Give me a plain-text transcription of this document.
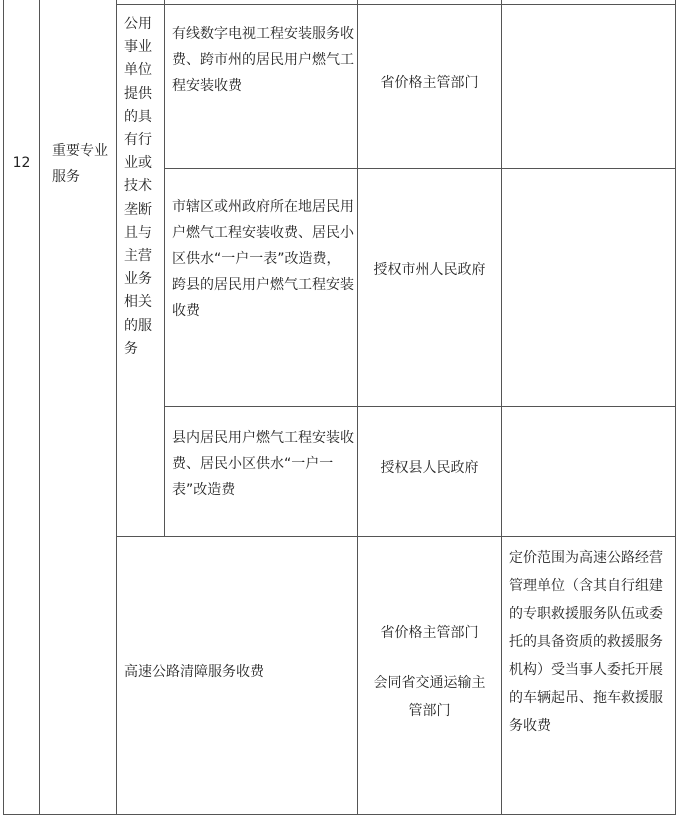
12
重要专业服务
公用事业单位提供的具有行业或技术垄断且与主营业务相关的服务
有线数字电视工程安装服务收费、跨市州的居民用户燃气工程安装收费	省价格主管部门
市辖区或州政府所在地居民用户燃气工程安装收费、居民小区供水“一户一表”改造费，跨县的居民用户燃气工程安装收费
授权市州人民政府
县内居民用户燃气工程安装收费、居民小区供水“一户一表”改造费
授权县人民政府
高速公路清障服务收费
省价格主管部门
会同省交通运输主管部门
定价范围为高速公路经营管理单位（含其自行组建的专职救援服务队伍或委托的具备资质的救援服务机构）受当事人委托开展的车辆起吊、拖车救援服务收费
